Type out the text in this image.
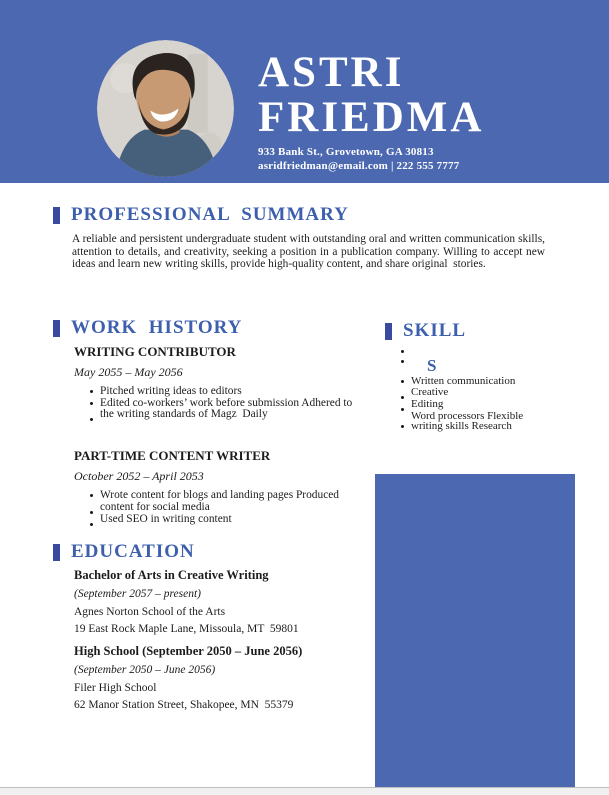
ASTRI
FRIEDMA
933 Bank St., Grovetown, GA 30813
asridfriedman@email.com | 222 555 7777
PROFESSIONAL  SUMMARY

A reliable and persistent undergraduate student with outstanding oral and written communication skills, attention to details, and creativity, seeking a position in a publication company. Willing to accept new ideas and learn new writing skills, provide high-quality content, and share original  stories.

WORK  HISTORY
WRITING CONTRIBUTOR
May 2055 – May 2056
Pitched writing ideas to editors
Edited co-workers’ work before submission Adhered to
the writing standards of Magz  Daily
PART-TIME CONTENT WRITER
October 2052 – April 2053
Wrote content for blogs and landing pages Produced
content for social media
Used SEO in writing content
SKILL
S
Written communication
Creative
Editing
Word processors Flexible
writing skills Research
EDUCATION
Bachelor of Arts in Creative Writing
(September 2057 – present)
Agnes Norton School of the Arts
19 East Rock Maple Lane, Missoula, MT  59801
High School (September 2050 – June 2056)
(September 2050 – June 2056)
Filer High School
62 Manor Station Street, Shakopee, MN  55379
